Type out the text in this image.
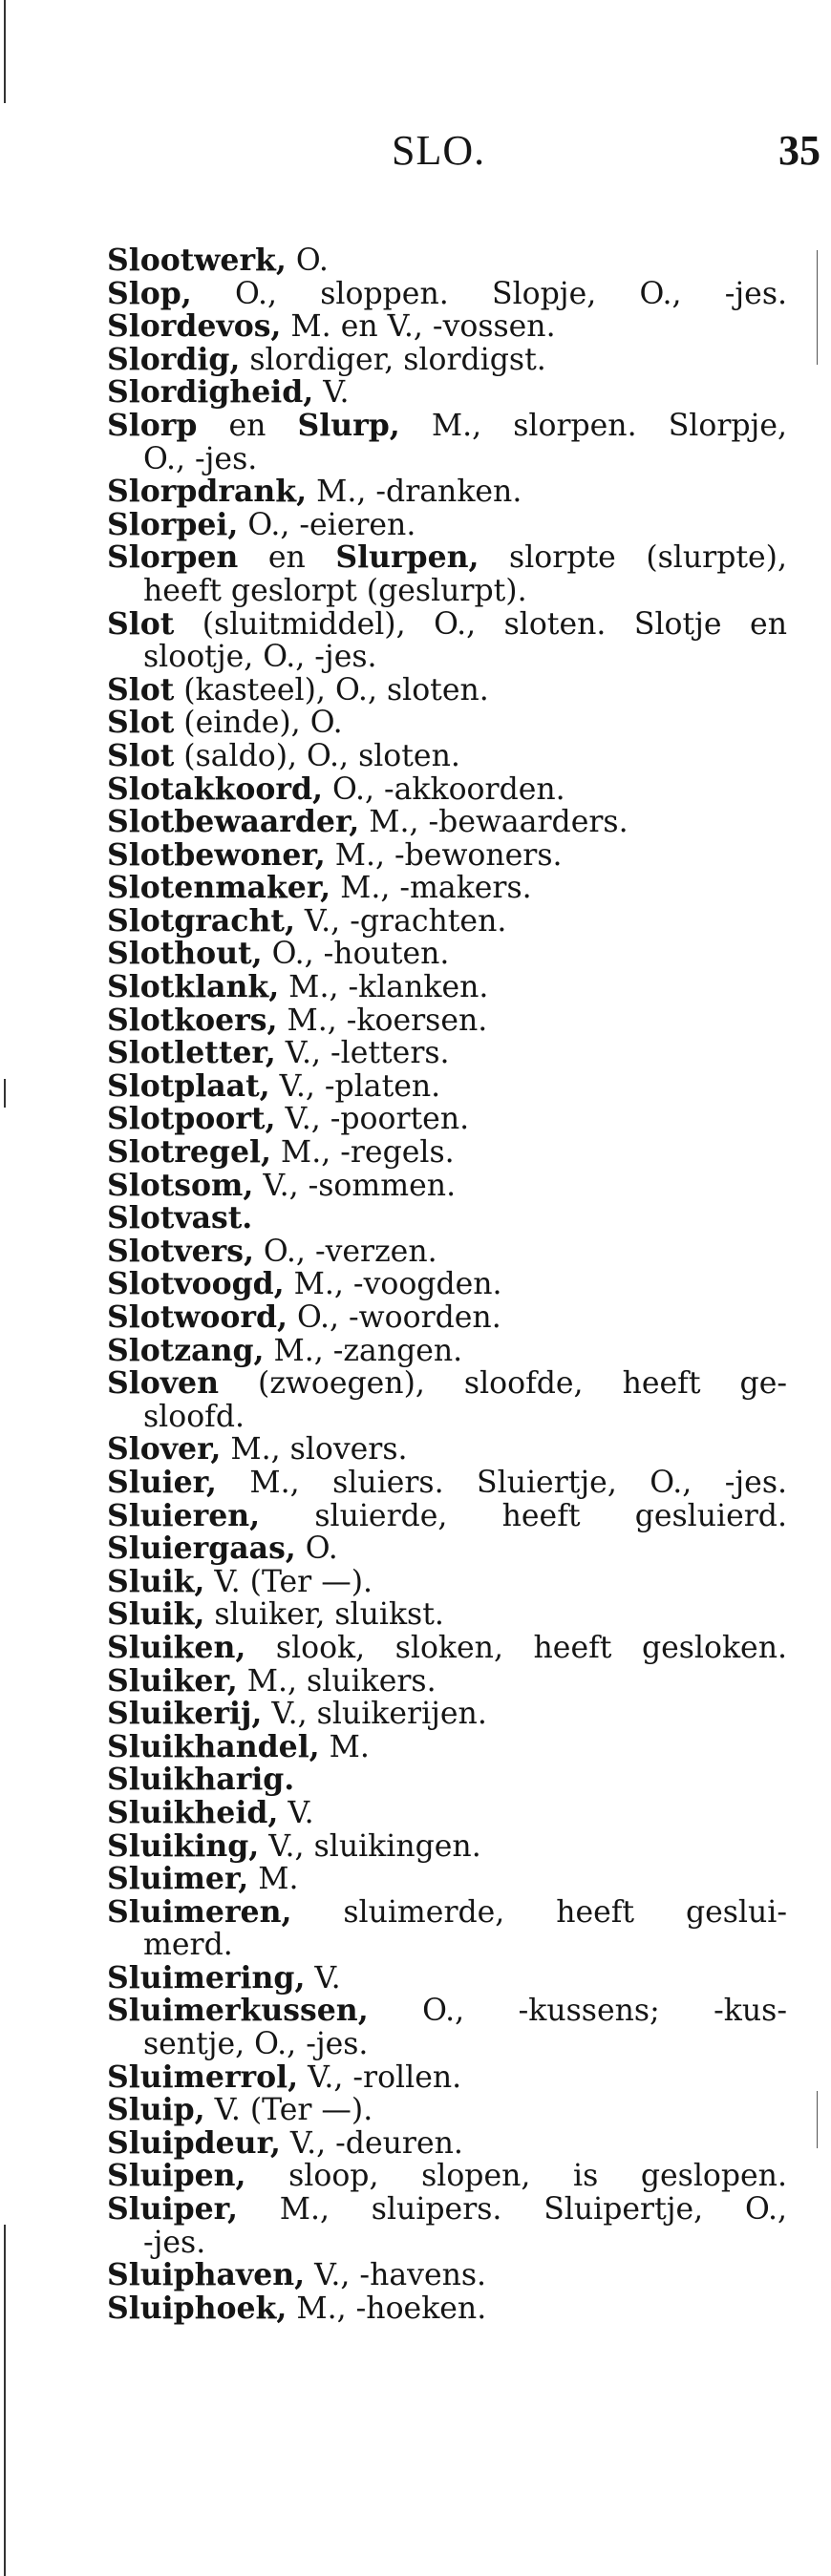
SLO.	35
Slootwerk, O.
Slop, O., sloppen. Slopje, O., -jes.
Slordevos, M. en V., -vossen.
Slordig, slordiger, slordigst.
Slordigheid, V.
Slorp en Slurp, M., slorpen. Slorpje,
O., -jes.
Slorpdrank, M., -dranken.
Slorpei, O., -eieren.
Slorpen en Slurpen, slorpte (slurpte),
heeft geslorpt (geslurpt).
Slot (sluitmiddel), O., sloten. Slotje en
slootje, O., -jes.
Slot (kasteel), O., sloten.
Slot (einde), O.
Slot (saldo), O., sloten.
Slotakkoord, O., -akkoorden.
Slotbewaarder, M., -bewaarders.
Slotbewoner, M., -bewoners.
Slotenmaker, M., -makers.
Slotgracht, V., -grachten.
Slothout, O., -houten.
Slotklank, M., -klanken.
Slotkoers, M., -koersen.
Slotletter, V., -letters.
Slotplaat, V., -platen.
Slotpoort, V., -poorten.
Slotregel, M., -regels.
Slotsom, V., -sommen.
Slotvast.
Slotvers, O., -verzen.
Slotvoogd, M., -voogden.
Slotwoord, O., -woorden.
Slotzang, M., -zangen.
Sloven (zwoegen), sloofde, heeft ge-
sloofd.
Slover, M., slovers.
Sluier, M., sluiers. Sluiertje, O., -jes.
Sluieren, sluierde, heeft gesluierd.
Sluiergaas, O.
Sluik, V. (Ter —).
Sluik, sluiker, sluikst.
Sluiken, slook, sloken, heeft gesloken.
Sluiker, M., sluikers.
Sluikerij, V., sluikerijen.
Sluikhandel, M.
Sluikharig.
Sluikheid, V.
Sluiking, V., sluikingen.
Sluimer, M.
Sluimeren, sluimerde, heeft geslui-
merd.
Sluimering, V.
Sluimerkussen, O., -kussens; -kus-
sentje, O., -jes.
Sluimerrol, V., -rollen.
Sluip, V. (Ter —).
Sluipdeur, V., -deuren.
Sluipen, sloop, slopen, is geslopen.
Sluiper, M., sluipers. Sluipertje, O.,
-jes.
Sluiphaven, V., -havens.
Sluiphoek, M., -hoeken.
